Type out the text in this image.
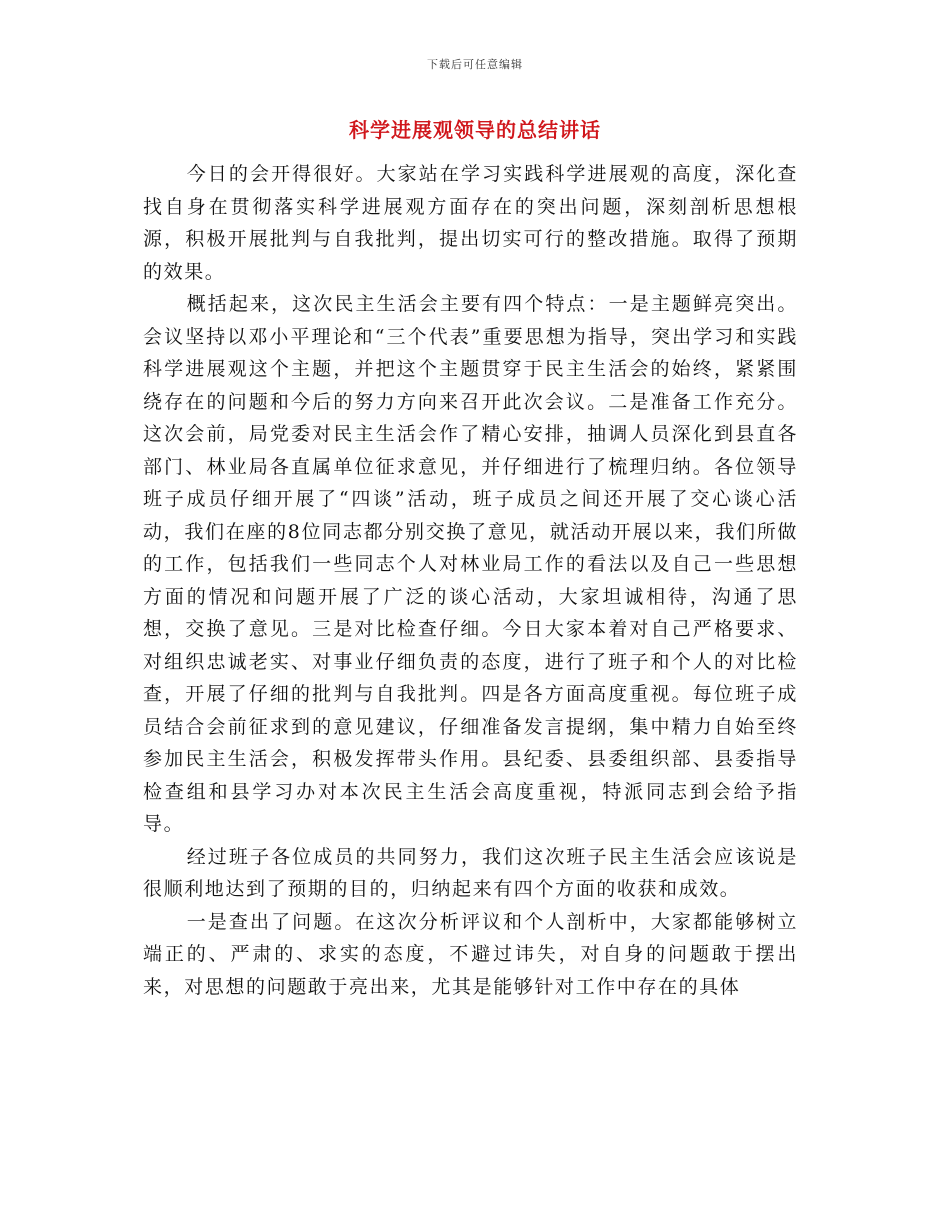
下载后可任意编辑
科学进展观领导的总结讲话

今日的会开得很好。大家站在学习实践科学进展观的高度，深化查找自身在贯彻落实科学进展观方面存在的突出问题，深刻剖析思想根源，积极开展批判与自我批判，提出切实可行的整改措施。取得了预期的效果。

概括起来，这次民主生活会主要有四个特点：一是主题鲜亮突出。会议坚持以邓小平理论和“三个代表”重要思想为指导，突出学习和实践科学进展观这个主题，并把这个主题贯穿于民主生活会的始终，紧紧围绕存在的问题和今后的努力方向来召开此次会议。二是准备工作充分。这次会前，局党委对民主生活会作了精心安排，抽调人员深化到县直各部门、林业局各直属单位征求意见，并仔细进行了梳理归纳。各位领导班子成员仔细开展了“四谈”活动，班子成员之间还开展了交心谈心活动，我们在座的8位同志都分别交换了意见，就活动开展以来，我们所做的工作，包括我们一些同志个人对林业局工作的看法以及自己一些思想方面的情况和问题开展了广泛的谈心活动，大家坦诚相待，沟通了思想，交换了意见。三是对比检查仔细。今日大家本着对自己严格要求、对组织忠诚老实、对事业仔细负责的态度，进行了班子和个人的对比检查，开展了仔细的批判与自我批判。四是各方面高度重视。每位班子成员结合会前征求到的意见建议，仔细准备发言提纲，集中精力自始至终参加民主生活会，积极发挥带头作用。县纪委、县委组织部、县委指导检查组和县学习办对本次民主生活会高度重视，特派同志到会给予指导。

经过班子各位成员的共同努力，我们这次班子民主生活会应该说是很顺利地达到了预期的目的，归纳起来有四个方面的收获和成效。

一是查出了问题。在这次分析评议和个人剖析中，大家都能够树立端正的、严肃的、求实的态度，不避过讳失，对自身的问题敢于摆出来，对思想的问题敢于亮出来，尤其是能够针对工作中存在的具体
